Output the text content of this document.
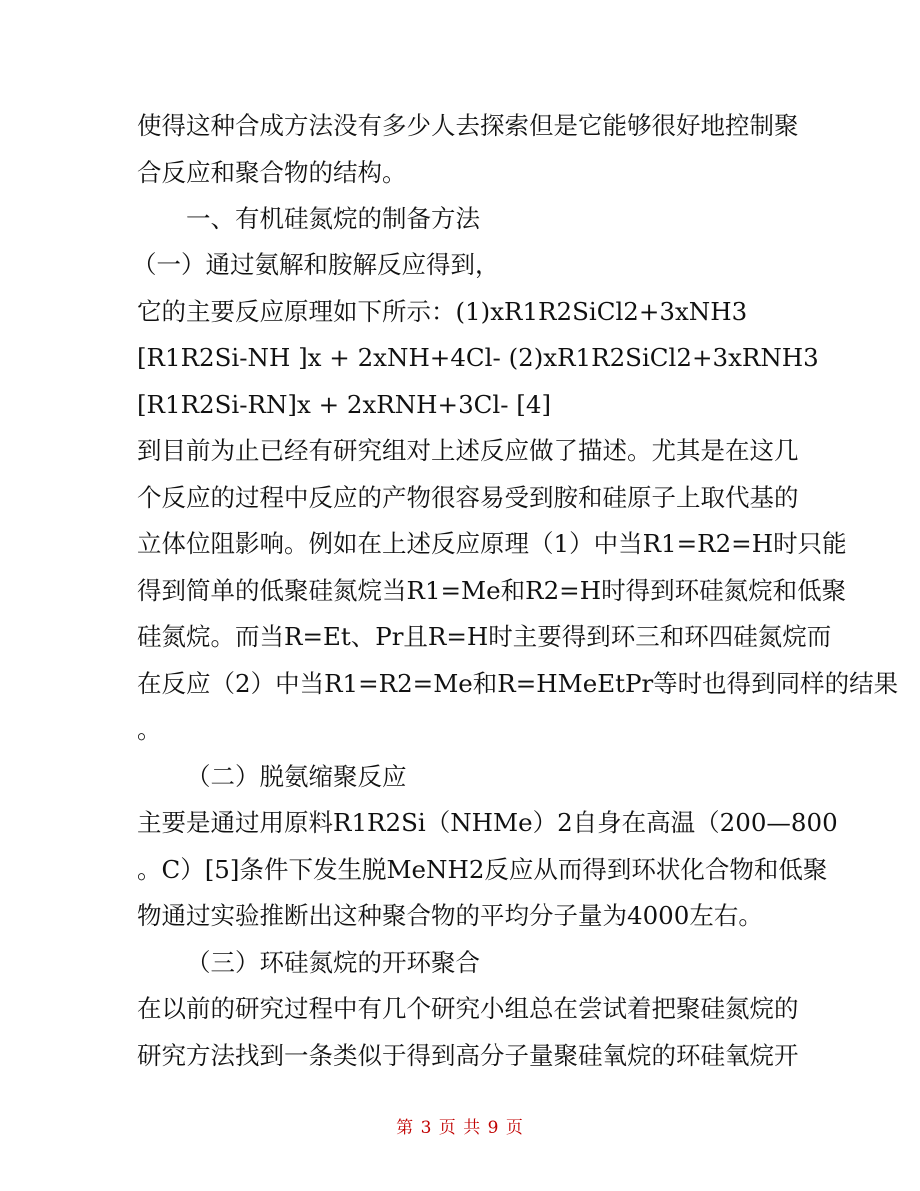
使得这种合成方法没有多少人去探索但是它能够很好地控制聚
合反应和聚合物的结构。
一、有机硅氮烷的制备方法
（一）通过氨解和胺解反应得到，
它的主要反应原理如下所示：(1)xR1R2SiCl2+3xNH3
[R1R2Si-NH ]x + 2xNH+4Cl- (2)xR1R2SiCl2+3xRNH3
[R1R2Si-RN]x + 2xRNH+3Cl- [4]
到目前为止已经有研究组对上述反应做了描述。尤其是在这几
个反应的过程中反应的产物很容易受到胺和硅原子上取代基的
立体位阻影响。例如在上述反应原理（1）中当R1=R2=H时只能
得到简单的低聚硅氮烷当R1=Me和R2=H时得到环硅氮烷和低聚
硅氮烷。而当R=Et、Pr且R=H时主要得到环三和环四硅氮烷而
在反应（2）中当R1=R2=Me和R=HMeEtPr等时也得到同样的结果
。
（二）脱氨缩聚反应
主要是通过用原料R1R2Si（NHMe）2自身在高温（200—800
。C）[5]条件下发生脱MeNH2反应从而得到环状化合物和低聚
物通过实验推断出这种聚合物的平均分子量为4000左右。
（三）环硅氮烷的开环聚合
在以前的研究过程中有几个研究小组总在尝试着把聚硅氮烷的
研究方法找到一条类似于得到高分子量聚硅氧烷的环硅氧烷开
第 3 页 共 9 页
